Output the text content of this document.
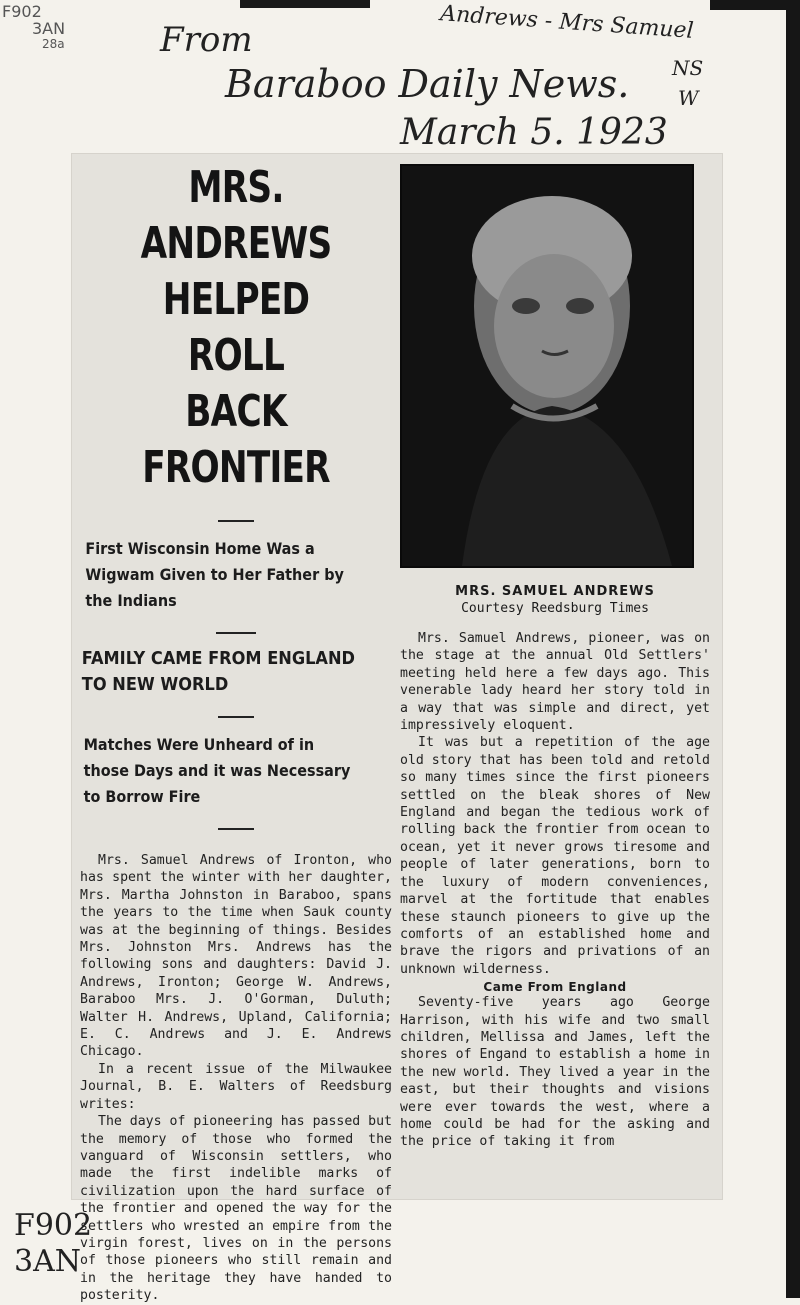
F902
3AN
28a	From
Baraboo Daily News.
March 5. 1923
Andrews - Mrs Samuel
NS
W
MRS. ANDREWS
HELPED ROLL
BACK FRONTIER
First Wisconsin Home Was a Wigwam Given to Her Father by the Indians
FAMILY CAME FROM ENGLAND TO NEW WORLD
Matches Were Unheard of in those Days and it was Necessary to Borrow Fire

Mrs. Samuel Andrews of Ironton, who has spent the winter with her daughter, Mrs. Martha Johnston in Baraboo, spans the years to the time when Sauk county was at the beginning of things. Besides Mrs. Johnston Mrs. Andrews has the following sons and daughters: David J. Andrews, Ironton; George W. Andrews, Baraboo Mrs. J. O'Gorman, Duluth; Walter H. Andrews, Upland, California; E. C. Andrews and J. E. Andrews Chicago.

In a recent issue of the Milwaukee Journal, B. E. Walters of Reedsburg writes:

The days of pioneering has passed but the memory of those who formed the vanguard of Wisconsin settlers, who made the first indelible marks of civilization upon the hard surface of the frontier and opened the way for the settlers who wrested an empire from the virgin forest, lives on in the persons of those pioneers who still remain and in the heritage they have handed to posterity.

MRS. SAMUEL ANDREWS
Courtesy Reedsburg Times

Mrs. Samuel Andrews, pioneer, was on the stage at the annual Old Settlers' meeting held here a few days ago. This venerable lady heard her story told in a way that was simple and direct, yet impressively eloquent.

It was but a repetition of the age old story that has been told and retold so many times since the first pioneers settled on the bleak shores of New England and began the tedious work of rolling back the frontier from ocean to ocean, yet it never grows tiresome and people of later generations, born to the luxury of modern conveniences, marvel at the fortitude that enables these staunch pioneers to give up the comforts of an established home and brave the rigors and privations of an unknown wilderness.

Came From England

Seventy-five years ago George Harrison, with his wife and two small children, Mellissa and James, left the shores of Engand to establish a home in the new world. They lived a year in the east, but their thoughts and visions were ever towards the west, where a home could be had for the asking and the price of taking it from

F902
3AN
